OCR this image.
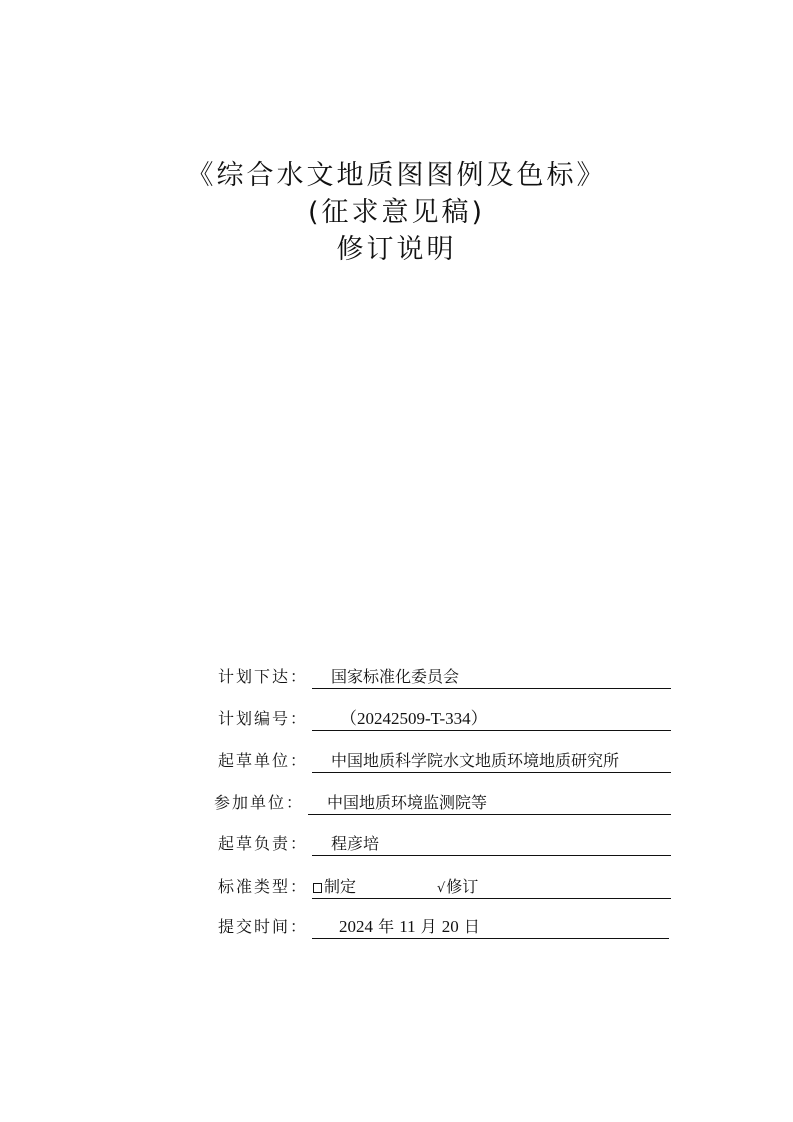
《综合水文地质图图例及色标》
(征求意见稿)
修订说明
计划下达： 国家标准化委员会
计划编号： （20242509-T-334）
起草单位： 中国地质科学院水文地质环境地质研究所
参加单位： 中国地质环境监测院等
起草负责： 程彦培
标准类型： 制定	√修订
提交时间： 2024 年 11 月 20 日
